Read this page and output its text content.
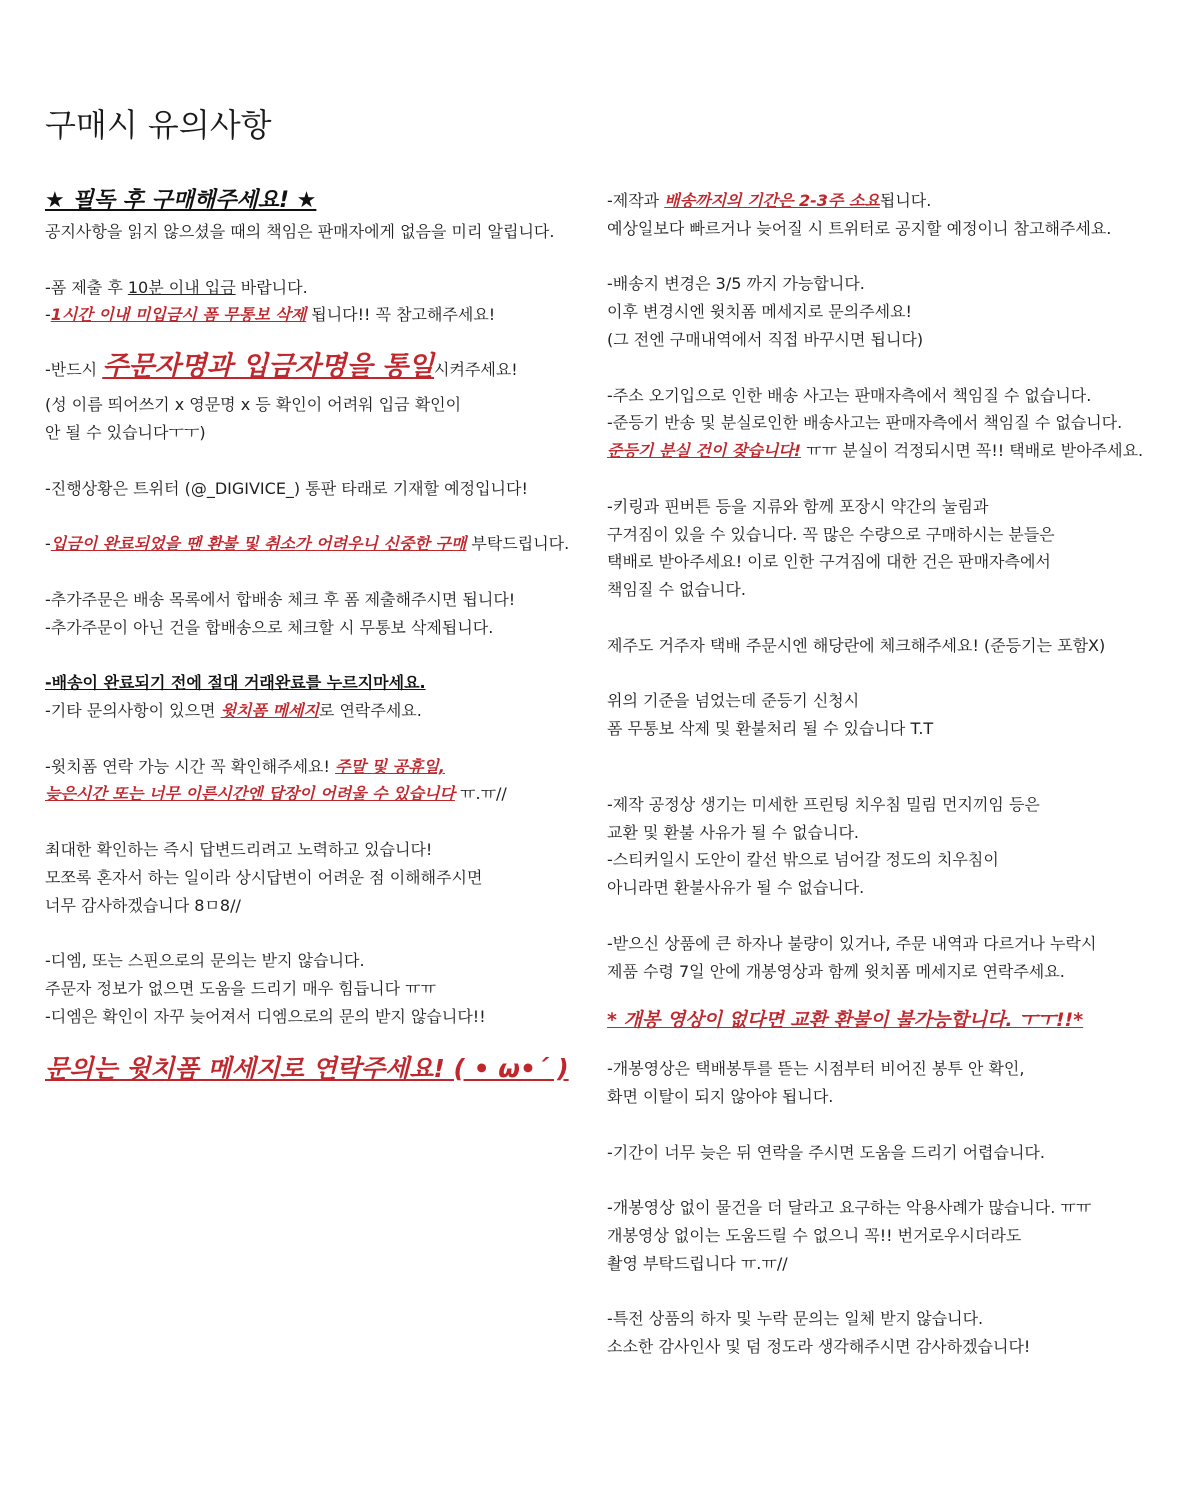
구매시 유의사항
★ 필독 후 구매해주세요! ★
공지사항을 읽지 않으셨을 때의 책임은 판매자에게 없음을 미리 알립니다.
-폼 제출 후 10분 이내 입금 바랍니다.
-1시간 이내 미입금시 폼 무통보 삭제 됩니다!! 꼭 참고해주세요!
-반드시 주문자명과 입금자명을 통일시켜주세요!
(성 이름 띄어쓰기 x 영문명 x 등 확인이 어려워 입금 확인이
안 될 수 있습니다ㅜㅜ)
-진행상황은 트위터 (@_DIGIVICE_) 통판 타래로 기재할 예정입니다!
-입금이 완료되었을 땐 환불 및 취소가 어려우니 신중한 구매 부탁드립니다.
-추가주문은 배송 목록에서 합배송 체크 후 폼 제출해주시면 됩니다!
-추가주문이 아닌 건을 합배송으로 체크할 시 무통보 삭제됩니다.
-배송이 완료되기 전에 절대 거래완료를 누르지마세요.
-기타 문의사항이 있으면 윗치폼 메세지로 연락주세요.
-윗치폼 연락 가능 시간 꼭 확인해주세요! 주말 및 공휴일,
늦은시간 또는 너무 이른시간엔 답장이 어려울 수 있습니다 ㅠ.ㅠ//
최대한 확인하는 즉시 답변드리려고 노력하고 있습니다!
모쪼록 혼자서 하는 일이라 상시답변이 어려운 점 이해해주시면
너무 감사하겠습니다 8ㅁ8//
-디엠, 또는 스핀으로의 문의는 받지 않습니다.
주문자 정보가 없으면 도움을 드리기 매우 힘듭니다 ㅠㅠ
-디엠은 확인이 자꾸 늦어져서 디엠으로의 문의 받지 않습니다!!
문의는 윗치폼 메세지로 연락주세요! ( • ω•´ )
-제작과 배송까지의 기간은 2-3주 소요됩니다.
예상일보다 빠르거나 늦어질 시 트위터로 공지할 예정이니 참고해주세요.
-배송지 변경은 3/5 까지 가능합니다.
이후 변경시엔 윗치폼 메세지로 문의주세요!
(그 전엔 구매내역에서 직접 바꾸시면 됩니다)
-주소 오기입으로 인한 배송 사고는 판매자측에서 책임질 수 없습니다.
-준등기 반송 및 분실로인한 배송사고는 판매자측에서 책임질 수 없습니다.
준등기 분실 건이 잦습니다! ㅠㅠ 분실이 걱정되시면 꼭!! 택배로 받아주세요.
-키링과 핀버튼 등을 지류와 함께 포장시 약간의 눌림과
구겨짐이 있을 수 있습니다. 꼭 많은 수량으로 구매하시는 분들은
택배로 받아주세요! 이로 인한 구겨짐에 대한 건은 판매자측에서
책임질 수 없습니다.
제주도 거주자 택배 주문시엔 해당란에 체크해주세요! (준등기는 포함X)
위의 기준을 넘었는데 준등기 신청시
폼 무통보 삭제 및 환불처리 될 수 있습니다 T.T
-제작 공정상 생기는 미세한 프린팅 치우침 밀림 먼지끼임 등은
교환 및 환불 사유가 될 수 없습니다.
-스티커일시 도안이 칼선 밖으로 넘어갈 정도의 치우침이
아니라면 환불사유가 될 수 없습니다.
-받으신 상품에 큰 하자나 불량이 있거나, 주문 내역과 다르거나 누락시
제품 수령 7일 안에 개봉영상과 함께 윗치폼 메세지로 연락주세요.
* 개봉 영상이 없다면 교환 환불이 불가능합니다. ㅜㅜ!!*
-개봉영상은 택배봉투를 뜯는 시점부터 비어진 봉투 안 확인,
화면 이탈이 되지 않아야 됩니다.
-기간이 너무 늦은 뒤 연락을 주시면 도움을 드리기 어렵습니다.
-개봉영상 없이 물건을 더 달라고 요구하는 악용사례가 많습니다. ㅠㅠ
개봉영상 없이는 도움드릴 수 없으니 꼭!! 번거로우시더라도
촬영 부탁드립니다 ㅠ.ㅠ//
-특전 상품의 하자 및 누락 문의는 일체 받지 않습니다.
소소한 감사인사 및 덤 정도라 생각해주시면 감사하겠습니다!
